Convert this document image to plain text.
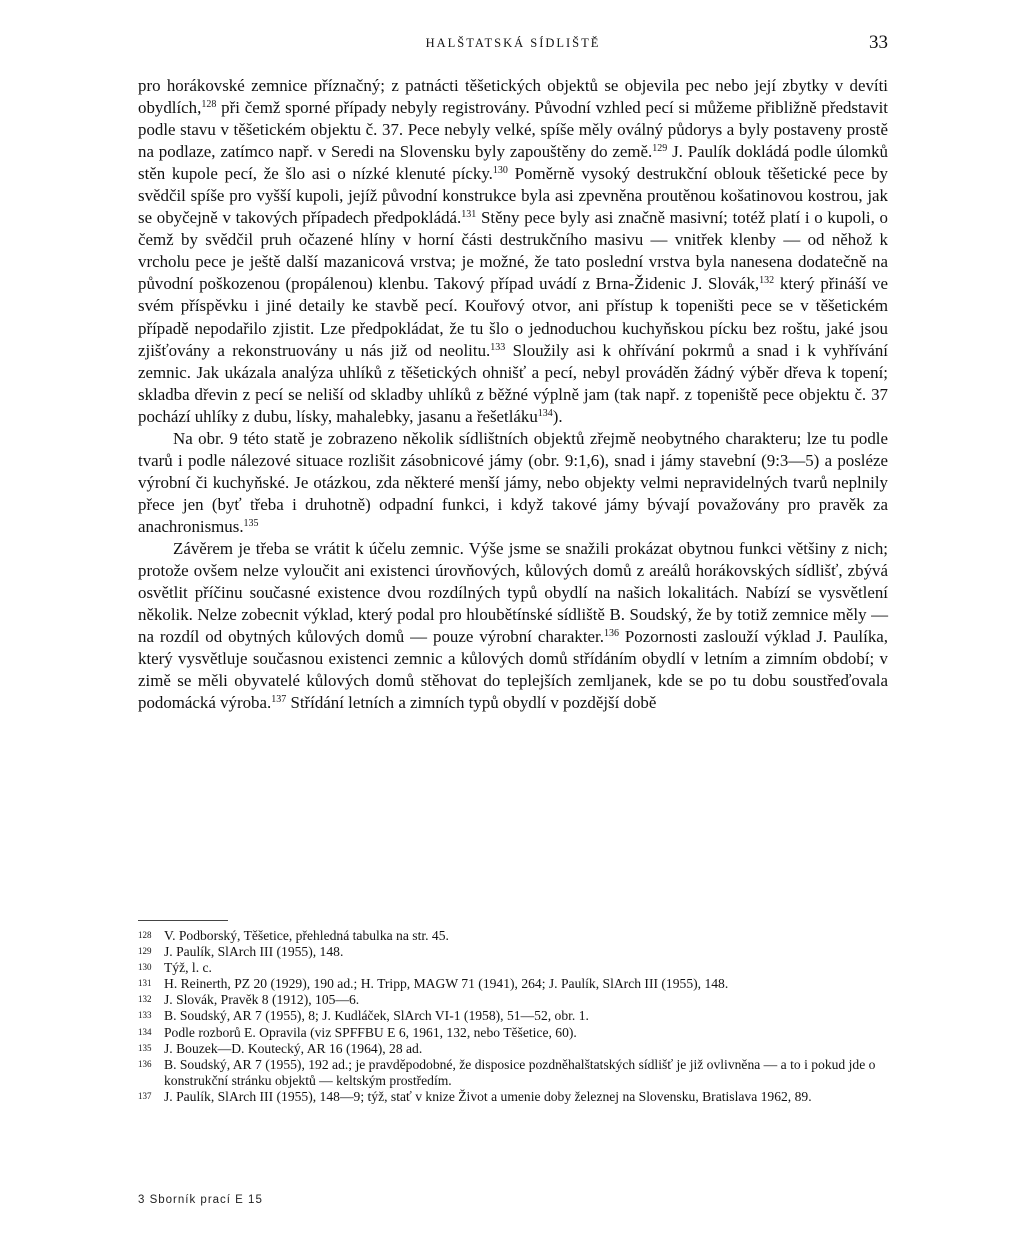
HALŠTATSKÁ SÍDLIŠTĚ	33

pro horákovské zemnice příznačný; z patnácti těšetických objektů se objevila pec nebo její zbytky v devíti obydlích,$^{128}$ při čemž sporné případy nebyly registrovány. Původní vzhled pecí si můžeme přibližně představit podle stavu v těšetickém objektu č. 37. Pece nebyly velké, spíše měly oválný půdorys a byly postaveny prostě na podlaze, zatímco např. v Seredi na Slovensku byly zapouštěny do země.$^{129}$ J. Paulík dokládá podle úlomků stěn kupole pecí, že šlo asi o nízké klenuté pícky.$^{130}$ Poměrně vysoký destrukční oblouk těšetické pece by svědčil spíše pro vyšší kupoli, jejíž původní konstrukce byla asi zpevněna proutěnou košatinovou kostrou, jak se obyčejně v takových případech předpokládá.$^{131}$ Stěny pece byly asi značně masivní; totéž platí i o kupoli, o čemž by svědčil pruh očazené hlíny v horní části destrukčního masivu — vnitřek klenby — od něhož k vrcholu pece je ještě další mazanicová vrstva; je možné, že tato poslední vrstva byla nanesena dodatečně na původní poškozenou (propálenou) klenbu. Takový případ uvádí z Brna-Židenic J. Slovák,$^{132}$ který přináší ve svém příspěvku i jiné detaily ke stavbě pecí. Kouřový otvor, ani přístup k topeništi pece se v těšetickém případě nepodařilo zjistit. Lze předpokládat, že tu šlo o jednoduchou kuchyňskou pícku bez roštu, jaké jsou zjišťovány a rekonstruovány u nás již od neolitu.$^{133}$ Sloužily asi k ohřívání pokrmů a snad i k vyhřívání zemnic. Jak ukázala analýza uhlíků z těšetických ohnišť a pecí, nebyl prováděn žádný výběr dřeva k topení; skladba dřevin z pecí se neliší od skladby uhlíků z běžné výplně jam (tak např. z topeniště pece objektu č. 37 pochází uhlíky z dubu, lísky, mahalebky, jasanu a řešetláku$^{134}$).

Na obr. 9 této statě je zobrazeno několik sídlištních objektů zřejmě neobytného charakteru; lze tu podle tvarů i podle nálezové situace rozlišit zásobnicové jámy (obr. 9:1,6), snad i jámy stavební (9:3—5) a posléze výrobní či kuchyňské. Je otázkou, zda některé menší jámy, nebo objekty velmi nepravidelných tvarů neplnily přece jen (byť třeba i druhotně) odpadní funkci, i když takové jámy bývají považovány pro pravěk za anachronismus.$^{135}$

Závěrem je třeba se vrátit k účelu zemnic. Výše jsme se snažili prokázat obytnou funkci většiny z nich; protože ovšem nelze vyloučit ani existenci úrovňových, kůlových domů z areálů horákovských sídlišť, zbývá osvětlit příčinu současné existence dvou rozdílných typů obydlí na našich lokalitách. Nabízí se vysvětlení několik. Nelze zobecnit výklad, který podal pro hloubětínské sídliště B. Soudský, že by totiž zemnice měly — na rozdíl od obytných kůlových domů — pouze výrobní charakter.$^{136}$ Pozornosti zaslouží výklad J. Paulíka, který vysvětluje současnou existenci zemnic a kůlových domů střídáním obydlí v letním a zimním období; v zimě se měli obyvatelé kůlových domů stěhovat do teplejších zemljanek, kde se po tu dobu soustřeďovala podomácká výroba.$^{137}$ Střídání letních a zimních typů obydlí v pozdější době

128 V. Podborský, Těšetice, přehledná tabulka na str. 45.
129 J. Paulík, SlArch III (1955), 148.
130 Týž, l. c.
131 H. Reinerth, PZ 20 (1929), 190 ad.; H. Tripp, MAGW 71 (1941), 264; J. Paulík, SlArch III (1955), 148.
132 J. Slovák, Pravěk 8 (1912), 105—6.
133 B. Soudský, AR 7 (1955), 8; J. Kudláček, SlArch VI-1 (1958), 51—52, obr. 1.
134 Podle rozborů E. Opravila (viz SPFFBU E 6, 1961, 132, nebo Těšetice, 60).
135 J. Bouzek—D. Koutecký, AR 16 (1964), 28 ad.
136 B. Soudský, AR 7 (1955), 192 ad.; je pravděpodobné, že disposice pozdněhalštatských sídlišť je již ovlivněna — a to i pokud jde o konstrukční stránku objektů — keltským prostředím.
137 J. Paulík, SlArch III (1955), 148—9; týž, stať v knize Život a umenie doby železnej na Slovensku, Bratislava 1962, 89.
3 Sborník prací E 15
